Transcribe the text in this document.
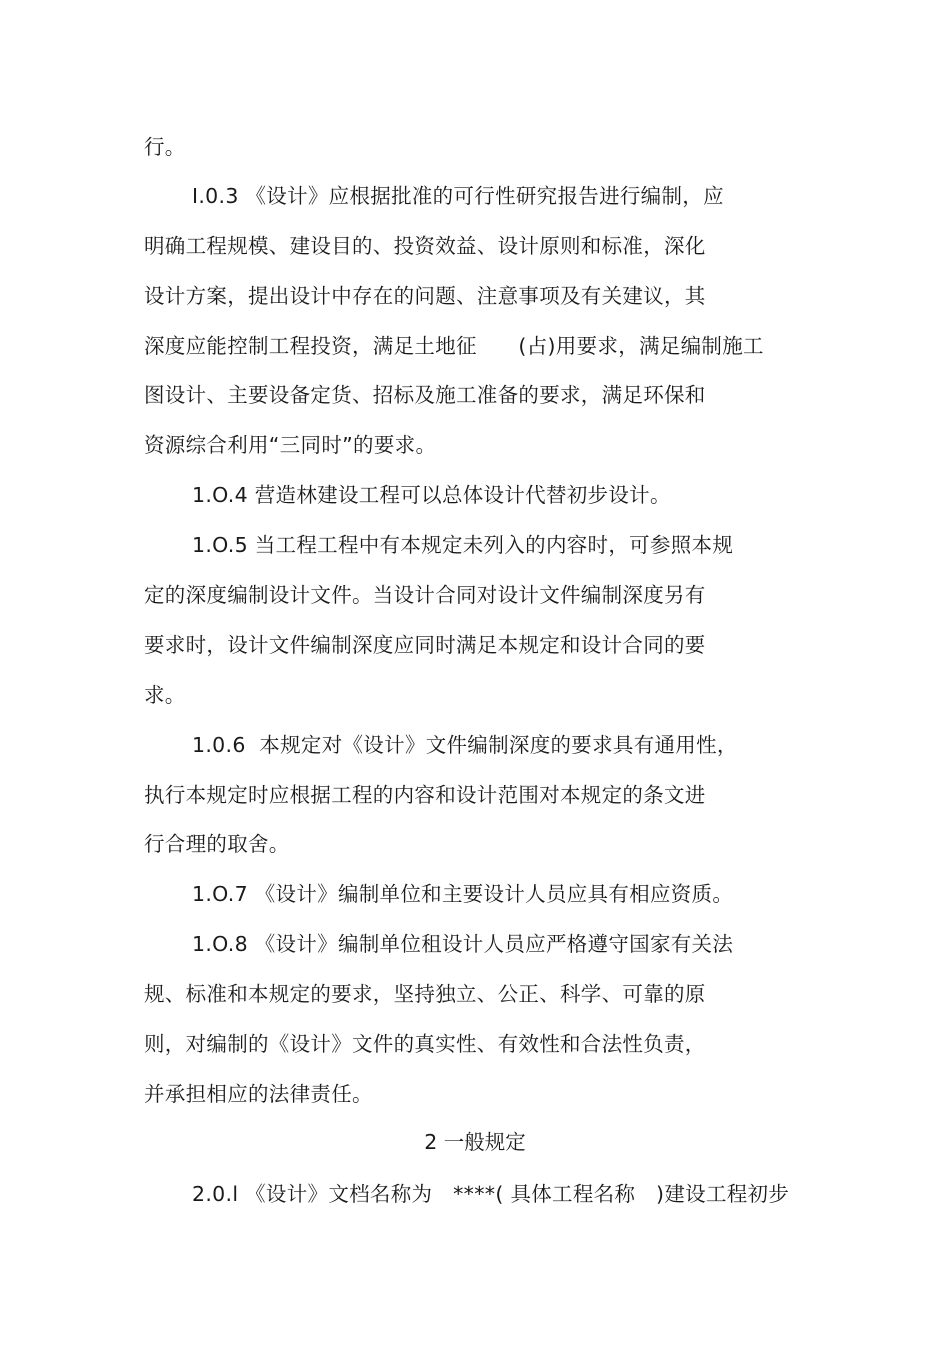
行。
I.0.3 《设计》应根据批准的可行性研究报告进行编制，应
明确工程规模、建设目的、投资效益、设计原则和标准，深化
设计方案，提出设计中存在的问题、注意事项及有关建议，其
深度应能控制工程投资，满足土地征　　(占)用要求，满足编制施工
图设计、主要设备定货、招标及施工准备的要求，满足环保和
资源综合利用“三同时”的要求。
1.O.4 营造林建设工程可以总体设计代替初步设计。
1.O.5 当工程工程中有本规定未列入的内容时，可参照本规
定的深度编制设计文件。当设计合同对设计文件编制深度另有
要求时，设计文件编制深度应同时满足本规定和设计合同的要
求。
1.0.6  本规定对《设计》文件编制深度的要求具有通用性，
执行本规定时应根据工程的内容和设计范围对本规定的条文进
行合理的取舍。
1.O.7 《设计》编制单位和主要设计人员应具有相应资质。
1.O.8 《设计》编制单位租设计人员应严格遵守国家有关法
规、标准和本规定的要求，坚持独立、公正、科学、可靠的原
则，对编制的《设计》文件的真实性、有效性和合法性负责，
并承担相应的法律责任。
2 一般规定
2.0.l 《设计》文档名称为　****( 具体工程名称　)建设工程初步
